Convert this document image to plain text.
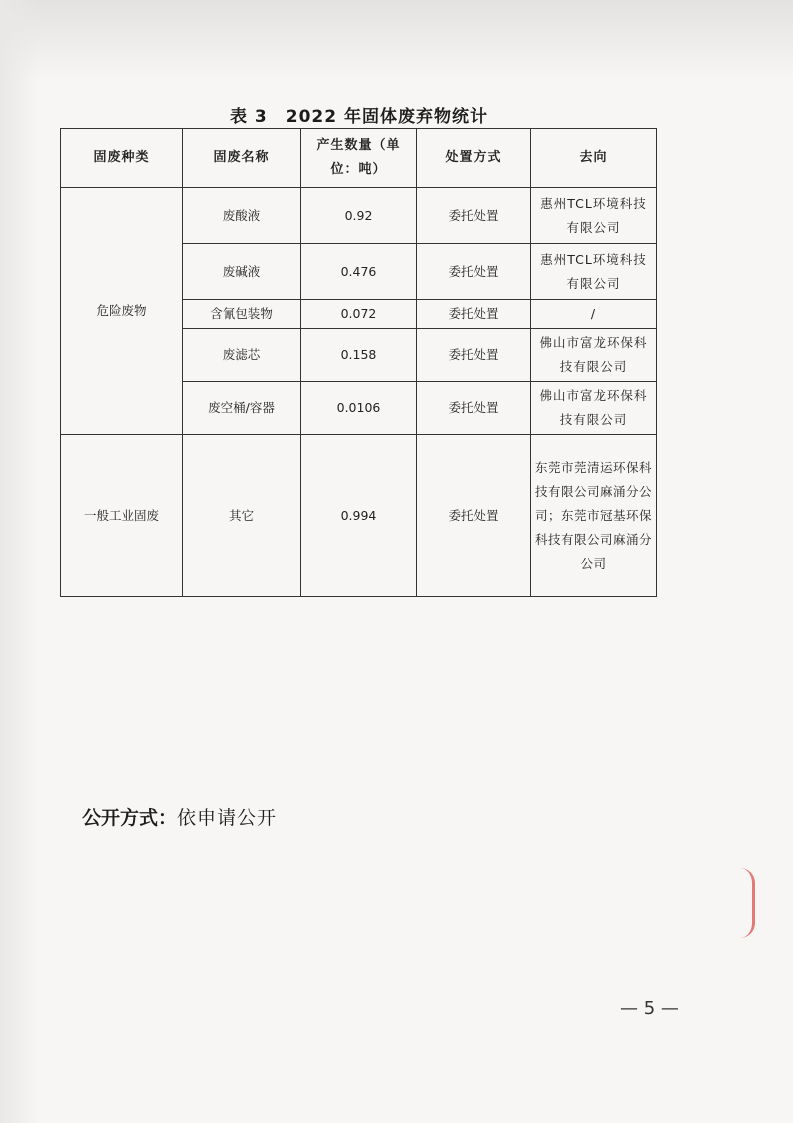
表 3　2022 年固体废弃物统计
固废种类	固废名称	产生数量（单位：吨）	处置方式	去向
危险废物	废酸液	0.92	委托处置	惠州TCL环境科技有限公司
	废碱液	0.476	委托处置	惠州TCL环境科技有限公司
	含氰包装物	0.072	委托处置	/
	废滤芯	0.158	委托处置	佛山市富龙环保科技有限公司
	废空桶/容器	0.0106	委托处置	佛山市富龙环保科技有限公司
一般工业固废	其它	0.994	委托处置	东莞市莞清运环保科技有限公司麻涌分公司；东莞市冠基环保科技有限公司麻涌分公司
公开方式：依申请公开
— 5 —
